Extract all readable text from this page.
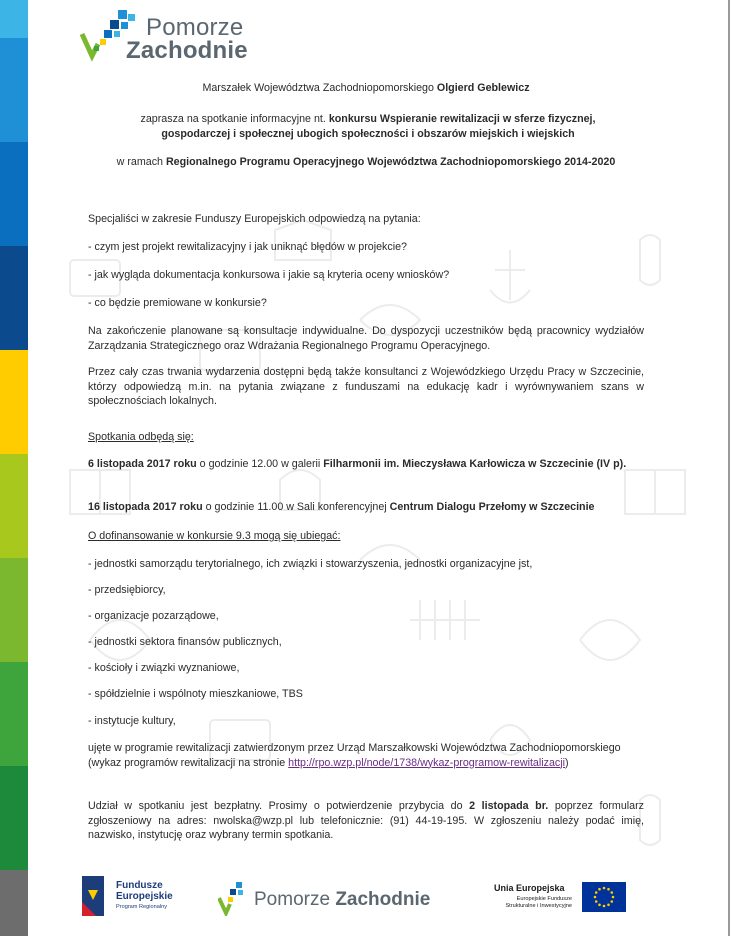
Pomorze
Zachodnie

Marszałek Województwa Zachodniopomorskiego Olgierd Geblewicz

zaprasza na spotkanie informacyjne nt. konkursu Wspieranie rewitalizacji w sferze fizycznej, gospodarczej i społecznej ubogich społeczności i obszarów miejskich i wiejskich

w ramach Regionalnego Programu Operacyjnego Województwa Zachodniopomorskiego 2014-2020

Specjaliści w zakresie Funduszy Europejskich odpowiedzą na pytania:

- czym jest projekt rewitalizacyjny i jak uniknąć błędów w projekcie?

- jak wygląda dokumentacja konkursowa i jakie są kryteria oceny wniosków?

- co będzie premiowane w konkursie?

Na zakończenie planowane są konsultacje indywidualne. Do dyspozycji uczestników będą pracownicy wydziałów Zarządzania Strategicznego oraz Wdrażania Regionalnego Programu Operacyjnego.

Przez cały czas trwania wydarzenia dostępni będą także konsultanci z Wojewódzkiego Urzędu Pracy w Szczecinie, którzy odpowiedzą m.in. na pytania związane z funduszami na edukację kadr i wyrównywaniem szans w społecznościach lokalnych.

Spotkania odbędą się:

6 listopada 2017 roku o godzinie 12.00 w galerii Filharmonii im. Mieczysława Karłowicza w Szczecinie (IV p).

16 listopada 2017 roku o godzinie 11.00 w Sali konferencyjnej Centrum Dialogu Przełomy w Szczecinie

O dofinansowanie w konkursie 9.3 mogą się ubiegać:

- jednostki samorządu terytorialnego, ich związki i stowarzyszenia, jednostki organizacyjne jst,

- przedsiębiorcy,

- organizacje pozarządowe,

- jednostki sektora finansów publicznych,

- kościoły i związki wyznaniowe,

- spółdzielnie i wspólnoty mieszkaniowe, TBS

- instytucje kultury,

ujęte w programie rewitalizacji zatwierdzonym przez Urząd Marszałkowski Województwa Zachodniopomorskiego (wykaz programów rewitalizacji na stronie http://rpo.wzp.pl/node/1738/wykaz-programow-rewitalizacji)

Udział w spotkaniu jest bezpłatny. Prosimy o potwierdzenie przybycia do 2 listopada br. poprzez formularz zgłoszeniowy na adres: nwolska@wzp.pl lub telefonicznie: (91) 44-19-195. W zgłoszeniu należy podać imię, nazwisko, instytucję oraz wybrany termin spotkania.

Fundusze
Europejskie
Program Regionalny	Pomorze Zachodnie
Unia Europejska
Europejskie Fundusze
Strukturalne i Inwestycyjne
